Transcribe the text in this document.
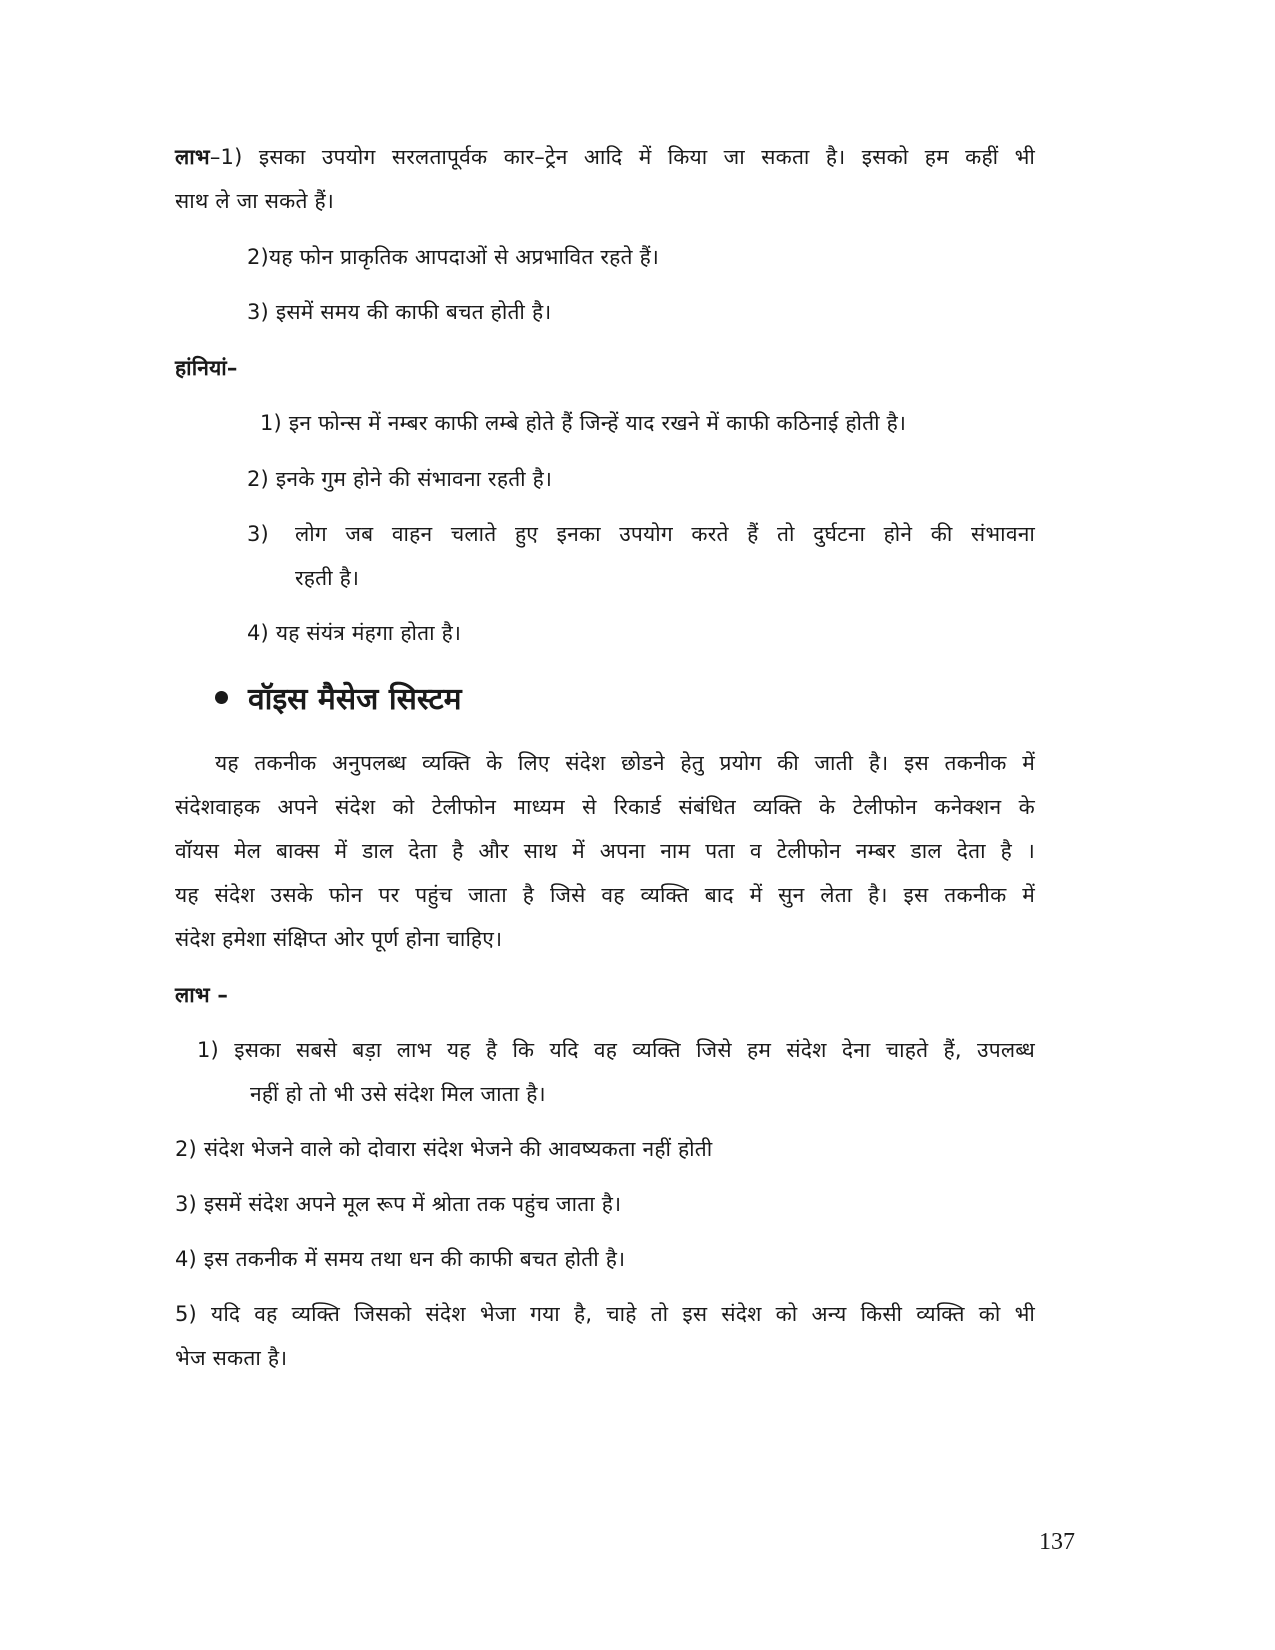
लाभ–1) इसका उपयोग सरलतापूर्वक कार–ट्रेन आदि में किया जा सकता है। इसको हम कहीं भी
साथ ले जा सकते हैं।
2)यह फोन प्राकृतिक आपदाओं से अप्रभावित रहते हैं।
3) इसमें समय की काफी बचत होती है।
हांनियां–
1) इन फोन्स में नम्बर काफी लम्बे होते हैं जिन्हें याद रखने में काफी कठिनाई होती है।
2) इनके गुम होने की संभावना रहती है।
3) लोग जब वाहन चलाते हुए इनका उपयोग करते हैं तो दुर्घटना होने की संभावना
रहती है।
4) यह संयंत्र मंहगा होता है।
वॉइस मैसेज सिस्टम
यह तकनीक अनुपलब्ध व्यक्ति के लिए संदेश छोडने हेतु प्रयोग की जाती है। इस तकनीक में
संदेशवाहक अपने संदेश को टेलीफोन माध्यम से रिकार्ड संबंधित व्यक्ति के टेलीफोन कनेक्शन के
वॉयस मेल बाक्स में डाल देता है और साथ में अपना नाम पता व टेलीफोन नम्बर डाल देता है ।
यह संदेश उसके फोन पर पहुंच जाता है जिसे वह व्यक्ति बाद में सुन लेता है। इस तकनीक में
संदेश हमेशा संक्षिप्त ओर पूर्ण होना चाहिए।
लाभ –
1) इसका सबसे बड़ा लाभ यह है कि यदि वह व्यक्ति जिसे हम संदेश देना चाहते हैं, उपलब्ध
नहीं हो तो भी उसे संदेश मिल जाता है।
2) संदेश भेजने वाले को दोवारा संदेश भेजने की आवष्यकता नहीं होती
3) इसमें संदेश अपने मूल रूप में श्रोता तक पहुंच जाता है।
4) इस तकनीक में समय तथा धन की काफी बचत होती है।
5) यदि वह व्यक्ति जिसको संदेश भेजा गया है, चाहे तो इस संदेश को अन्य किसी व्यक्ति को भी
भेज सकता है।
137
